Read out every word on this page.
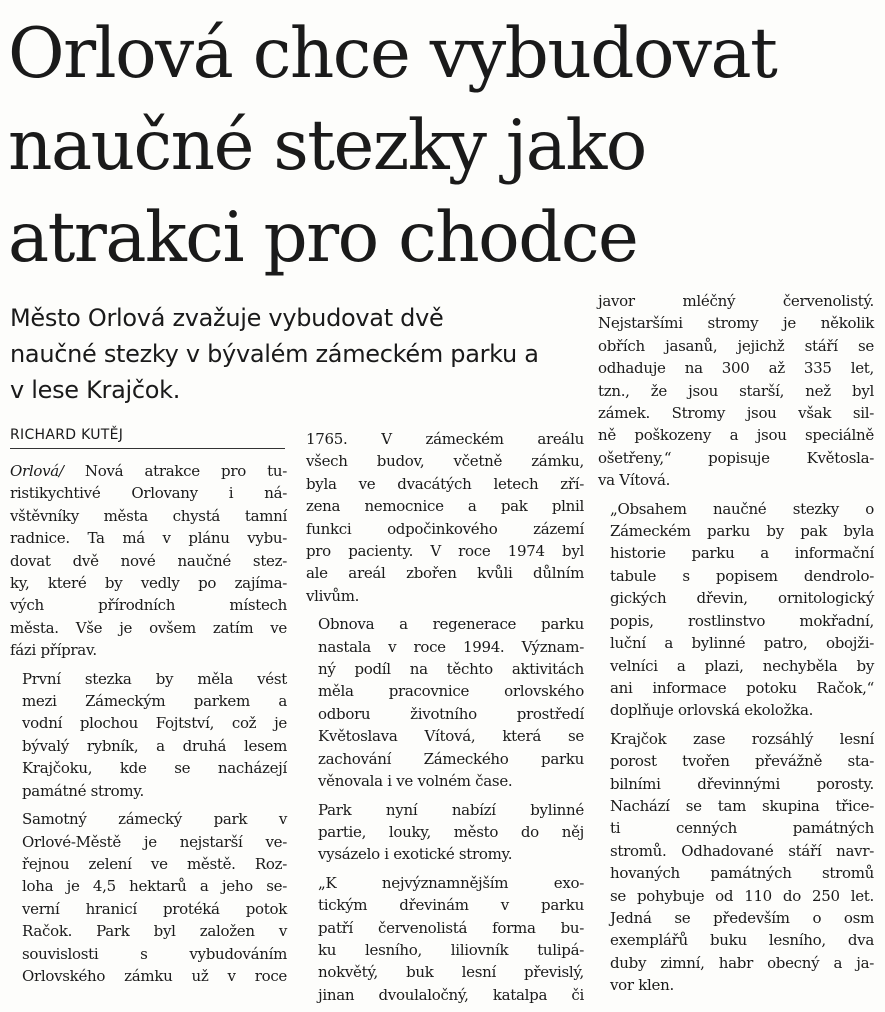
Orlová chce vybudovat
naučné stezky jako
atrakci pro chodce
Město Orlová zvažuje vybudovat dvě
naučné stezky v bývalém zámeckém parku a
v lese Krajčok.
RICHARD KUTĚJ

Orlová/ Nová atrakce pro tu-
ristikychtivé Orlovany i ná-
vštěvníky města chystá tamní
radnice. Ta má v plánu vybu-
dovat dvě nové naučné stez-
ky, které by vedly po zajíma-
vých přírodních místech
města. Vše je ovšem zatím ve
fázi příprav.

První stezka by měla vést
mezi Zámeckým parkem a
vodní plochou Fojtství, což je
bývalý rybník, a druhá lesem
Krajčoku, kde se nacházejí
památné stromy.

Samotný zámecký park v
Orlové-Městě je nejstarší ve-
řejnou zelení ve městě. Roz-
loha je 4,5 hektarů a jeho se-
verní hranicí protéká potok
Račok. Park byl založen v
souvislosti s vybudováním
Orlovského zámku už v roce

1765. V zámeckém areálu
všech budov, včetně zámku,
byla ve dvacátých letech zří-
zena nemocnice a pak plnil
funkci odpočinkového zázemí
pro pacienty. V roce 1974 byl
ale areál zbořen kvůli důlním
vlivům.

Obnova a regenerace parku
nastala v roce 1994. Význam-
ný podíl na těchto aktivitách
měla pracovnice orlovského
odboru životního prostředí
Květoslava Vítová, která se
zachování Zámeckého parku
věnovala i ve volném čase.

Park nyní nabízí bylinné
partie, louky, město do něj
vysázelo i exotické stromy.

„K nejvýznamnějším exo-
tickým dřevinám v parku
patří červenolistá forma bu-
ku lesního, liliovník tulipá-
nokvětý, buk lesní převislý,
jinan dvoulaločný, katalpa či

javor mléčný červenolistý.
Nejstaršími stromy je několik
obřích jasanů, jejichž stáří se
odhaduje na 300 až 335 let,
tzn., že jsou starší, než byl
zámek. Stromy jsou však sil-
ně poškozeny a jsou speciálně
ošetřeny,“ popisuje Květosla-
va Vítová.

„Obsahem naučné stezky o
Zámeckém parku by pak byla
historie parku a informační
tabule s popisem dendrolo-
gických dřevin, ornitologický
popis, rostlinstvo mokřadní,
luční a bylinné patro, obojži-
velníci a plazi, nechyběla by
ani informace potoku Račok,“
doplňuje orlovská ekoložka.

Krajčok zase rozsáhlý lesní
porost tvořen převážně sta-
bilními dřevinnými porosty.
Nachází se tam skupina třice-
ti cenných památných
stromů. Odhadované stáří navr-
hovaných památných stromů
se pohybuje od 110 do 250 let.
Jedná se především o osm
exemplářů buku lesního, dva
duby zimní, habr obecný a ja-
vor klen.
